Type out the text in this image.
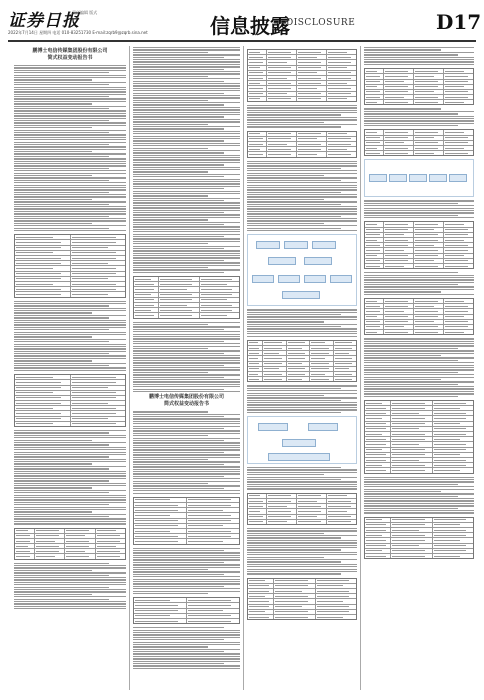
证券日报
责任编辑 版式
2022年7月14日 星期四 电话 010-83251730 E-mail:zqrb9@zqrb.sina.net	信息披露
DISCLOSURE	D17
鹏博士电信传媒集团股份有限公司
简式权益变动报告书
鹏博士电信传媒集团股份有限公司
简式权益变动报告书
